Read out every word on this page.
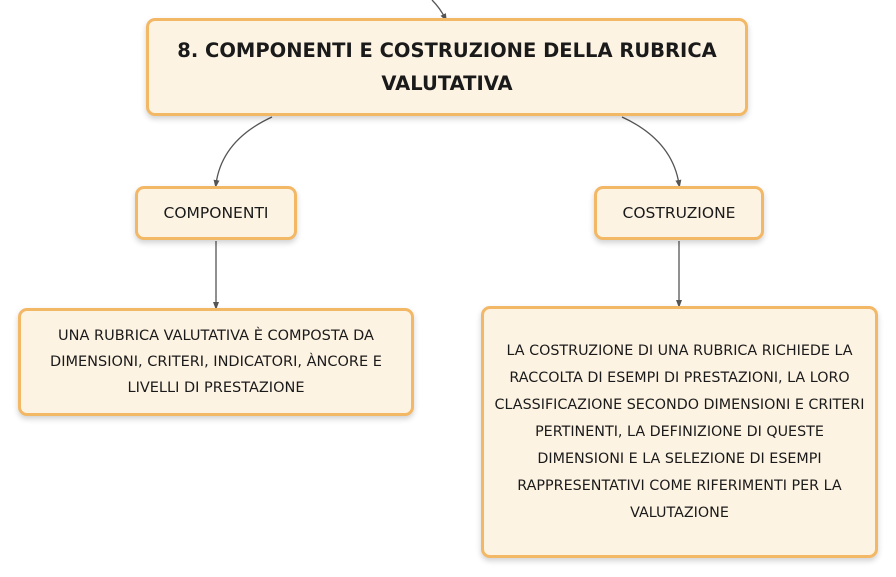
8. COMPONENTI E COSTRUZIONE DELLA RUBRICA VALUTATIVA
COMPONENTI	COSTRUZIONE
UNA RUBRICA VALUTATIVA È COMPOSTA DA DIMENSIONI, CRITERI, INDICATORI, ÀNCORE E LIVELLI DI PRESTAZIONE
LA COSTRUZIONE DI UNA RUBRICA RICHIEDE LA RACCOLTA DI ESEMPI DI PRESTAZIONI, LA LORO CLASSIFICAZIONE SECONDO DIMENSIONI E CRITERI PERTINENTI, LA DEFINIZIONE DI QUESTE DIMENSIONI E LA SELEZIONE DI ESEMPI RAPPRESENTATIVI COME RIFERIMENTI PER LA VALUTAZIONE
